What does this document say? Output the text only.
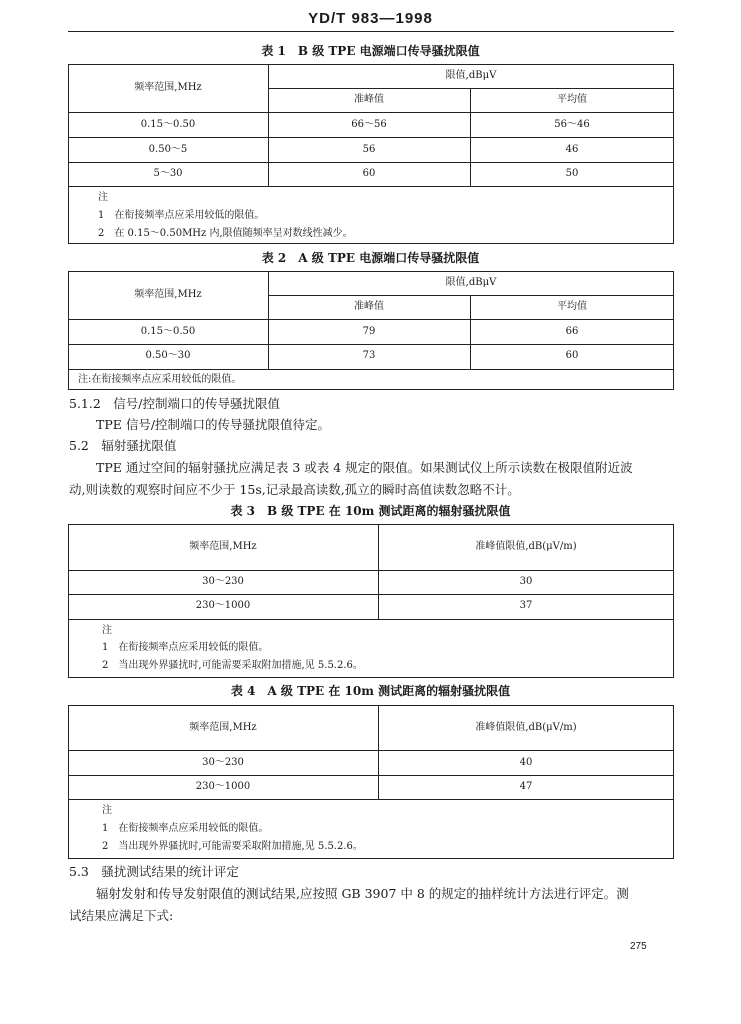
YD/T 983—1998
表 1　B 级 TPE 电源端口传导骚扰限值
频率范围,MHz
限值,dBμV
准峰值	平均值
0.15～0.50	66～56	56～46
0.50～5	56	46
5～30	60	50
注
1　在衔接频率点应采用较低的限值。
2　在 0.15～0.50MHz 内,限值随频率呈对数线性减少。
表 2　A 级 TPE 电源端口传导骚扰限值
频率范围,MHz
限值,dBμV
准峰值	平均值
0.15～0.50	79	66
0.50～30	73	60
注:在衔接频率点应采用较低的限值。
5.1.2　信号/控制端口的传导骚扰限值
TPE 信号/控制端口的传导骚扰限值待定。
5.2　辐射骚扰限值
TPE 通过空间的辐射骚扰应满足表 3 或表 4 规定的限值。如果测试仪上所示读数在极限值附近波
动,则读数的观察时间应不少于 15s,记录最高读数,孤立的瞬时高值读数忽略不计。
表 3　B 级 TPE 在 10m 测试距离的辐射骚扰限值
频率范围,MHz	准峰值限值,dB(μV/m)
30～230	30
230～1000	37
注
1　在衔接频率点应采用较低的限值。
2　当出现外界骚扰时,可能需要采取附加措施,见 5.5.2.6。
表 4　A 级 TPE 在 10m 测试距离的辐射骚扰限值
频率范围,MHz	准峰值限值,dB(μV/m)
30～230	40
230～1000	47
注
1　在衔接频率点应采用较低的限值。
2　当出现外界骚扰时,可能需要采取附加措施,见 5.5.2.6。
5.3　骚扰测试结果的统计评定
辐射发射和传导发射限值的测试结果,应按照 GB 3907 中 8 的规定的抽样统计方法进行评定。测
试结果应满足下式:
275
